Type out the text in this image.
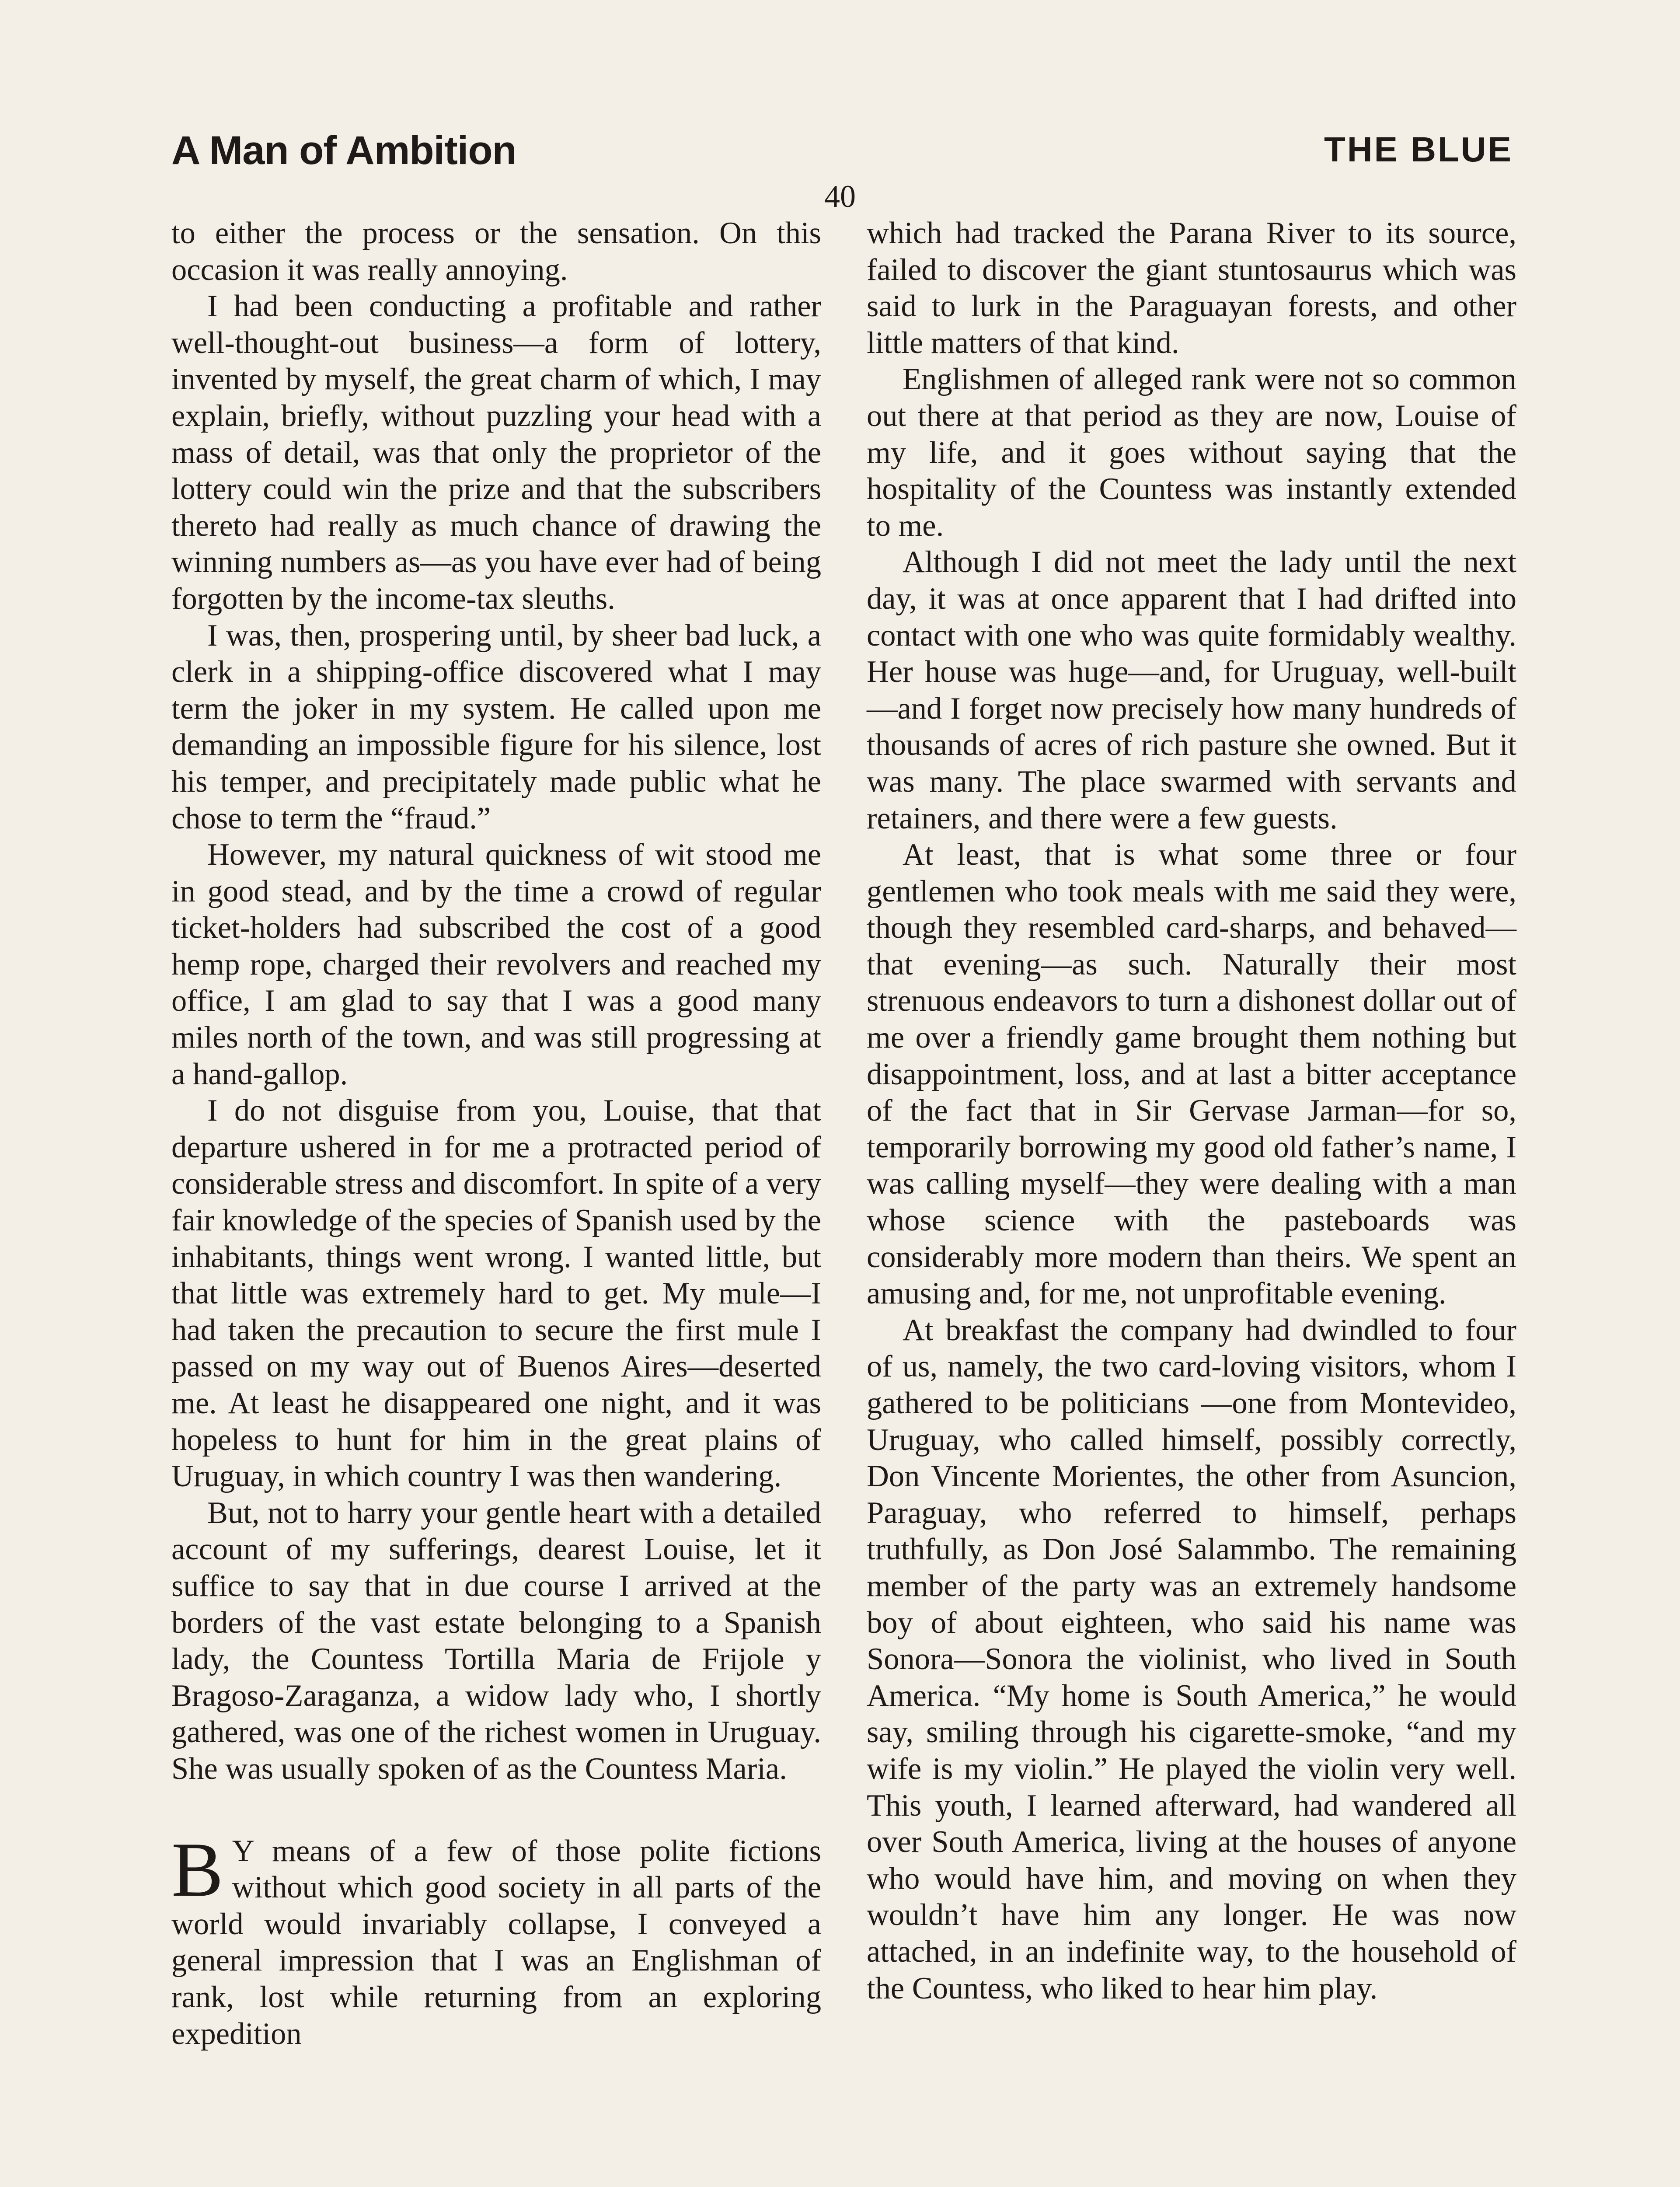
A Man of Ambition	THE BLUE
40

to either the process or the sensation. On this occasion it was really annoying.

I had been conducting a profitable and rather well-thought-out business—a form of lottery, invented by myself, the great charm of which, I may explain, briefly, without puzzling your head with a mass of detail, was that only the proprietor of the lottery could win the prize and that the subscribers thereto had really as much chance of drawing the winning numbers as—as you have ever had of being forgotten by the income-tax sleuths.

I was, then, prospering until, by sheer bad luck, a clerk in a shipping-office discovered what I may term the joker in my system. He called upon me demanding an impossible figure for his silence, lost his temper, and precipitately made public what he chose to term the “fraud.”

However, my natural quickness of wit stood me in good stead, and by the time a crowd of regular ticket-holders had subscribed the cost of a good hemp rope, charged their revolvers and reached my office, I am glad to say that I was a good many miles north of the town, and was still progressing at a hand-gallop.

I do not disguise from you, Louise, that that departure ushered in for me a protracted period of considerable stress and discomfort. In spite of a very fair knowledge of the species of Spanish used by the inhabitants, things went wrong. I wanted little, but that little was extremely hard to get. My mule—I had taken the precaution to secure the first mule I passed on my way out of Buenos Aires—deserted me. At least he disappeared one night, and it was hopeless to hunt for him in the great plains of Uruguay, in which country I was then wandering.

But, not to harry your gentle heart with a detailed account of my sufferings, dearest Louise, let it suffice to say that in due course I arrived at the borders of the vast estate belonging to a Spanish lady, the Countess Tortilla Maria de Frijole y Bragoso-Zaraganza, a widow lady who, I shortly gathered, was one of the richest women in Uruguay. She was usually spoken of as the Countess Maria.

B Y means of a few of those polite fictions without which good society in all parts of the world would invariably collapse, I conveyed a general impression that I was an Englishman of rank, lost while returning from an exploring expedition

which had tracked the Parana River to its source, failed to discover the giant stuntosaurus which was said to lurk in the Paraguayan forests, and other little matters of that kind.

Englishmen of alleged rank were not so common out there at that period as they are now, Louise of my life, and it goes without saying that the hospitality of the Countess was instantly extended to me.

Although I did not meet the lady until the next day, it was at once apparent that I had drifted into contact with one who was quite formidably wealthy. Her house was huge—and, for Uruguay, well-built—and I forget now precisely how many hundreds of thousands of acres of rich pasture she owned. But it was many. The place swarmed with servants and retainers, and there were a few guests.

At least, that is what some three or four gentlemen who took meals with me said they were, though they resembled card-sharps, and behaved—that evening—as such. Naturally their most strenuous endeavors to turn a dishonest dollar out of me over a friendly game brought them nothing but disappointment, loss, and at last a bitter acceptance of the fact that in Sir Gervase Jarman—for so, temporarily borrowing my good old father’s name, I was calling myself—they were dealing with a man whose science with the pasteboards was considerably more modern than theirs. We spent an amusing and, for me, not unprofitable evening.

At breakfast the company had dwindled to four of us, namely, the two card-loving visitors, whom I gathered to be politicians —one from Montevideo, Uruguay, who called himself, possibly correctly, Don Vincente Morientes, the other from Asuncion, Paraguay, who referred to himself, perhaps truthfully, as Don José Salammbo. The remaining member of the party was an extremely handsome boy of about eighteen, who said his name was Sonora—Sonora the violinist, who lived in South America. “My home is South America,” he would say, smiling through his cigarette-smoke, “and my wife is my violin.” He played the violin very well. This youth, I learned afterward, had wandered all over South America, living at the houses of anyone who would have him, and moving on when they wouldn’t have him any longer. He was now attached, in an indefinite way, to the household of the Countess, who liked to hear him play.
